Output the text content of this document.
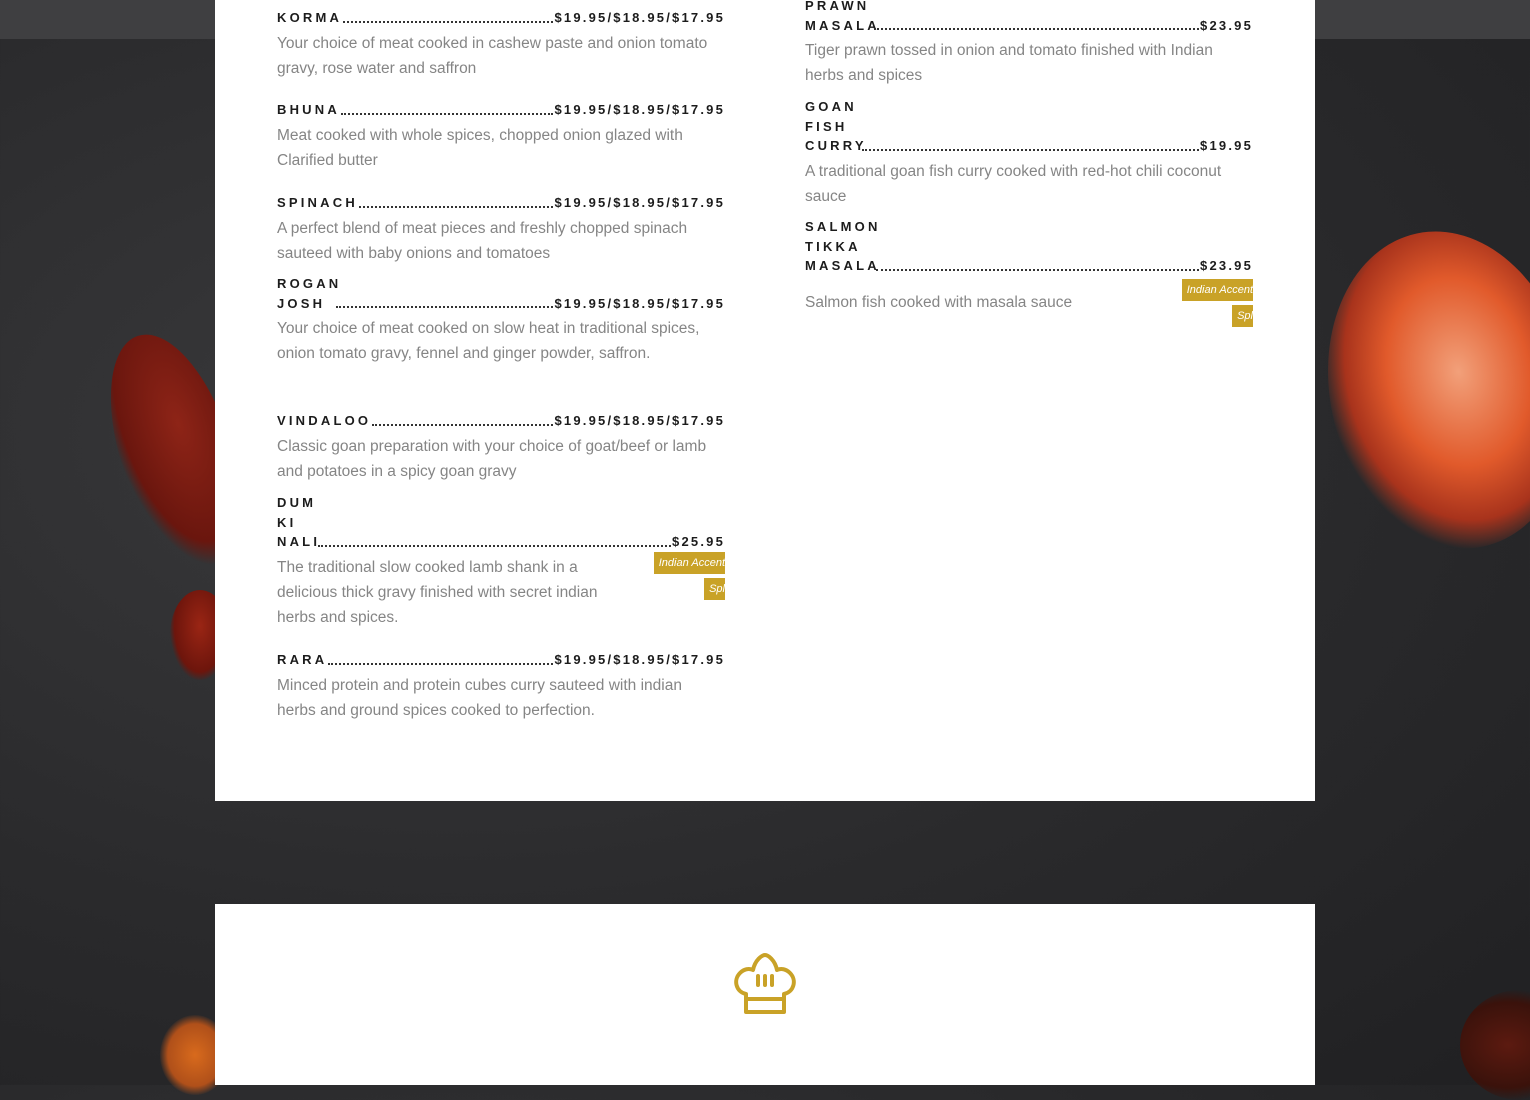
KORMA	$19.95/$18.95/$17.95
Your choice of meat cooked in cashew paste and onion tomato gravy, rose water and saffron
BHUNA	$19.95/$18.95/$17.95
Meat cooked with whole spices, chopped onion glazed with Clarified butter
SPINACH	$19.95/$18.95/$17.95
A perfect blend of meat pieces and freshly chopped spinach sauteed with baby onions and tomatoes
ROGAN JOSH	$19.95/$18.95/$17.95
Your choice of meat cooked on slow heat in traditional spices, onion tomato gravy, fennel and ginger powder, saffron.
VINDALOO	$19.95/$18.95/$17.95
Classic goan preparation with your choice of goat/beef or lamb and potatoes in a spicy goan gravy
DUM KI NALI	$25.95
The traditional slow cooked lamb shank in a delicious thick gravy finished with secret indian herbs and spices.
Indian Accent
Spl
RARA	$19.95/$18.95/$17.95
Minced protein and protein cubes curry sauteed with indian herbs and ground spices cooked to perfection.
PRAWN MASALA	$23.95
Tiger prawn tossed in onion and tomato finished with Indian herbs and spices
GOAN FISH CURRY	$19.95
A traditional goan fish curry cooked with red-hot chili coconut sauce
SALMON TIKKA MASALA	$23.95
Salmon fish cooked with masala sauce
Indian Accent
Spl
